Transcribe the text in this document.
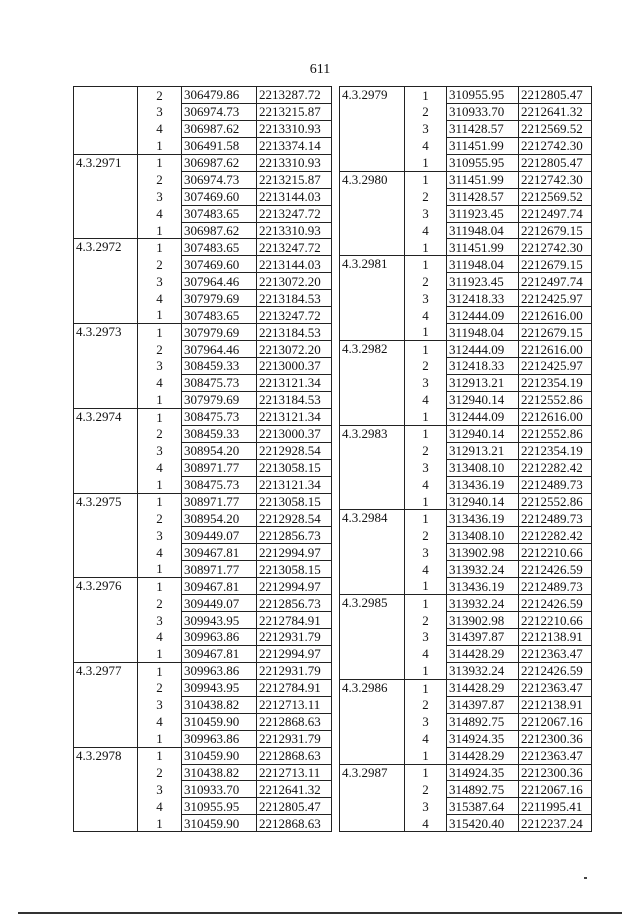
611
	2	306479.86	2213287.72
	3	306974.73	2213215.87
	4	306987.62	2213310.93
	1	306491.58	2213374.14
4.3.2971	1	306987.62	2213310.93
	2	306974.73	2213215.87
	3	307469.60	2213144.03
	4	307483.65	2213247.72
	1	306987.62	2213310.93
4.3.2972	1	307483.65	2213247.72
	2	307469.60	2213144.03
	3	307964.46	2213072.20
	4	307979.69	2213184.53
	1	307483.65	2213247.72
4.3.2973	1	307979.69	2213184.53
	2	307964.46	2213072.20
	3	308459.33	2213000.37
	4	308475.73	2213121.34
	1	307979.69	2213184.53
4.3.2974	1	308475.73	2213121.34
	2	308459.33	2213000.37
	3	308954.20	2212928.54
	4	308971.77	2213058.15
	1	308475.73	2213121.34
4.3.2975	1	308971.77	2213058.15
	2	308954.20	2212928.54
	3	309449.07	2212856.73
	4	309467.81	2212994.97
	1	308971.77	2213058.15
4.3.2976	1	309467.81	2212994.97
	2	309449.07	2212856.73
	3	309943.95	2212784.91
	4	309963.86	2212931.79
	1	309467.81	2212994.97
4.3.2977	1	309963.86	2212931.79
	2	309943.95	2212784.91
	3	310438.82	2212713.11
	4	310459.90	2212868.63
	1	309963.86	2212931.79
4.3.2978	1	310459.90	2212868.63
	2	310438.82	2212713.11
	3	310933.70	2212641.32
	4	310955.95	2212805.47
	1	310459.90	2212868.63
4.3.2979	1	310955.95	2212805.47
	2	310933.70	2212641.32
	3	311428.57	2212569.52
	4	311451.99	2212742.30
	1	310955.95	2212805.47
4.3.2980	1	311451.99	2212742.30
	2	311428.57	2212569.52
	3	311923.45	2212497.74
	4	311948.04	2212679.15
	1	311451.99	2212742.30
4.3.2981	1	311948.04	2212679.15
	2	311923.45	2212497.74
	3	312418.33	2212425.97
	4	312444.09	2212616.00
	1	311948.04	2212679.15
4.3.2982	1	312444.09	2212616.00
	2	312418.33	2212425.97
	3	312913.21	2212354.19
	4	312940.14	2212552.86
	1	312444.09	2212616.00
4.3.2983	1	312940.14	2212552.86
	2	312913.21	2212354.19
	3	313408.10	2212282.42
	4	313436.19	2212489.73
	1	312940.14	2212552.86
4.3.2984	1	313436.19	2212489.73
	2	313408.10	2212282.42
	3	313902.98	2212210.66
	4	313932.24	2212426.59
	1	313436.19	2212489.73
4.3.2985	1	313932.24	2212426.59
	2	313902.98	2212210.66
	3	314397.87	2212138.91
	4	314428.29	2212363.47
	1	313932.24	2212426.59
4.3.2986	1	314428.29	2212363.47
	2	314397.87	2212138.91
	3	314892.75	2212067.16
	4	314924.35	2212300.36
	1	314428.29	2212363.47
4.3.2987	1	314924.35	2212300.36
	2	314892.75	2212067.16
	3	315387.64	2211995.41
	4	315420.40	2212237.24
